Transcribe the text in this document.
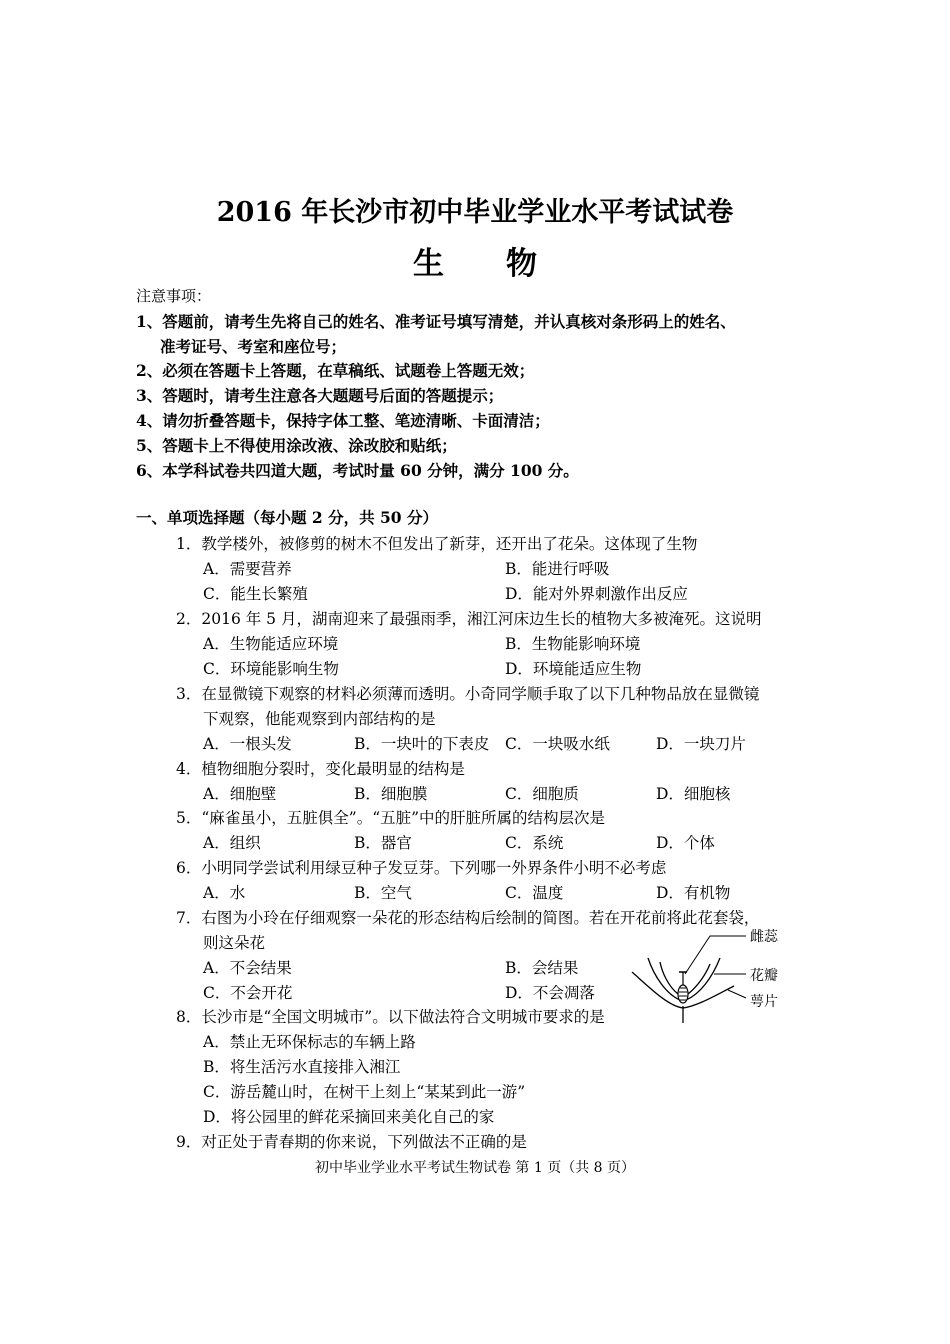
2016 年长沙市初中毕业学业水平考试试卷
生物
注意事项：
1、答题前，请考生先将自己的姓名、准考证号填写清楚，并认真核对条形码上的姓名、
准考证号、考室和座位号；
2、必须在答题卡上答题，在草稿纸、试题卷上答题无效；
3、答题时，请考生注意各大题题号后面的答题提示；
4、请勿折叠答题卡，保持字体工整、笔迹清晰、卡面清洁；
5、答题卡上不得使用涂改液、涂改胶和贴纸；
6、本学科试卷共四道大题，考试时量 60 分钟，满分 100 分。
一、单项选择题（每小题 2 分，共 50 分）
1．教学楼外，被修剪的树木不但发出了新芽，还开出了花朵。这体现了生物
A．需要营养	B．能进行呼吸
C．能生长繁殖	D．能对外界刺激作出反应
2．2016 年 5 月，湖南迎来了最强雨季，湘江河床边生长的植物大多被淹死。这说明
A．生物能适应环境	B．生物能影响环境
C．环境能影响生物	D．环境能适应生物
3．在显微镜下观察的材料必须薄而透明。小奇同学顺手取了以下几种物品放在显微镜
下观察，他能观察到内部结构的是
A．一根头发	B．一块叶的下表皮 C．一块吸水纸	D．一块刀片
4．植物细胞分裂时，变化最明显的结构是
A．细胞壁	B．细胞膜	C．细胞质	D．细胞核
5．“麻雀虽小，五脏俱全”。“五脏”中的肝脏所属的结构层次是
A．组织	B．器官	C．系统	D．个体
6．小明同学尝试利用绿豆种子发豆芽。下列哪一外界条件小明不必考虑
A．水	B．空气	C．温度	D．有机物
7．右图为小玲在仔细观察一朵花的形态结构后绘制的简图。若在开花前将此花套袋，
则这朵花
A．不会结果	B．会结果
C．不会开花	D．不会凋落
雌蕊
花瓣
萼片
8．长沙市是“全国文明城市”。以下做法符合文明城市要求的是
A．禁止无环保标志的车辆上路
B．将生活污水直接排入湘江
C．游岳麓山时，在树干上刻上“某某到此一游”
D．将公园里的鲜花采摘回来美化自己的家
9．对正处于青春期的你来说，下列做法不正确的是
初中毕业学业水平考试生物试卷 第 1 页（共 8 页）
